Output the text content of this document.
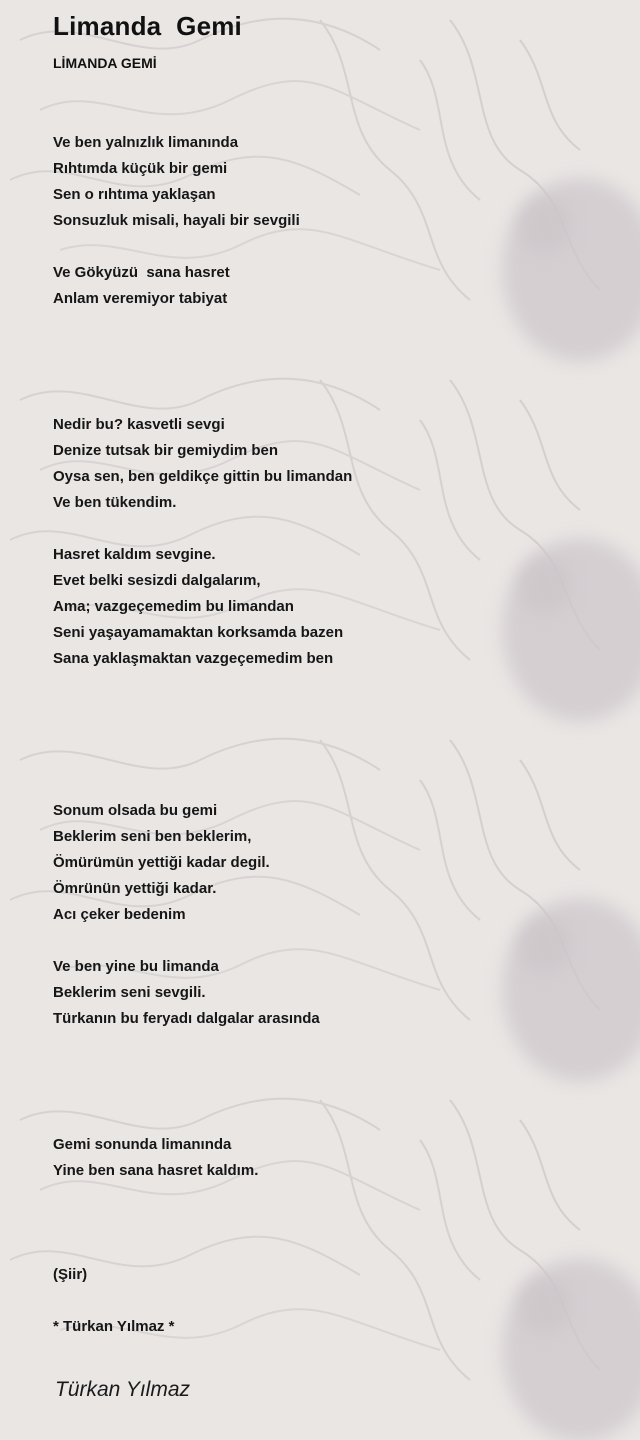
Limanda  Gemi
LİMANDA GEMİ

Ve ben yalnızlık limanında

Rıhtımda küçük bir gemi

Sen o rıhtıma yaklaşan

Sonsuzluk misali, hayali bir sevgili

Ve Gökyüzü  sana hasret

Anlam veremiyor tabiyat

Nedir bu? kasvetli sevgi

Denize tutsak bir gemiydim ben

Oysa sen, ben geldikçe gittin bu limandan

Ve ben tükendim.

Hasret kaldım sevgine.

Evet belki sesizdi dalgalarım,

Ama; vazgeçemedim bu limandan

Seni yaşayamamaktan korksamda bazen

Sana yaklaşmaktan vazgeçemedim ben

Sonum olsada bu gemi

Beklerim seni ben beklerim,

Ömürümün yettiği kadar degil.

Ömrünün yettiği kadar.

Acı çeker bedenim

Ve ben yine bu limanda

Beklerim seni sevgili.

Türkanın bu feryadı dalgalar arasında

Gemi sonunda limanında

Yine ben sana hasret kaldım.

(Şiir)

* Türkan Yılmaz *

Türkan Yılmaz
